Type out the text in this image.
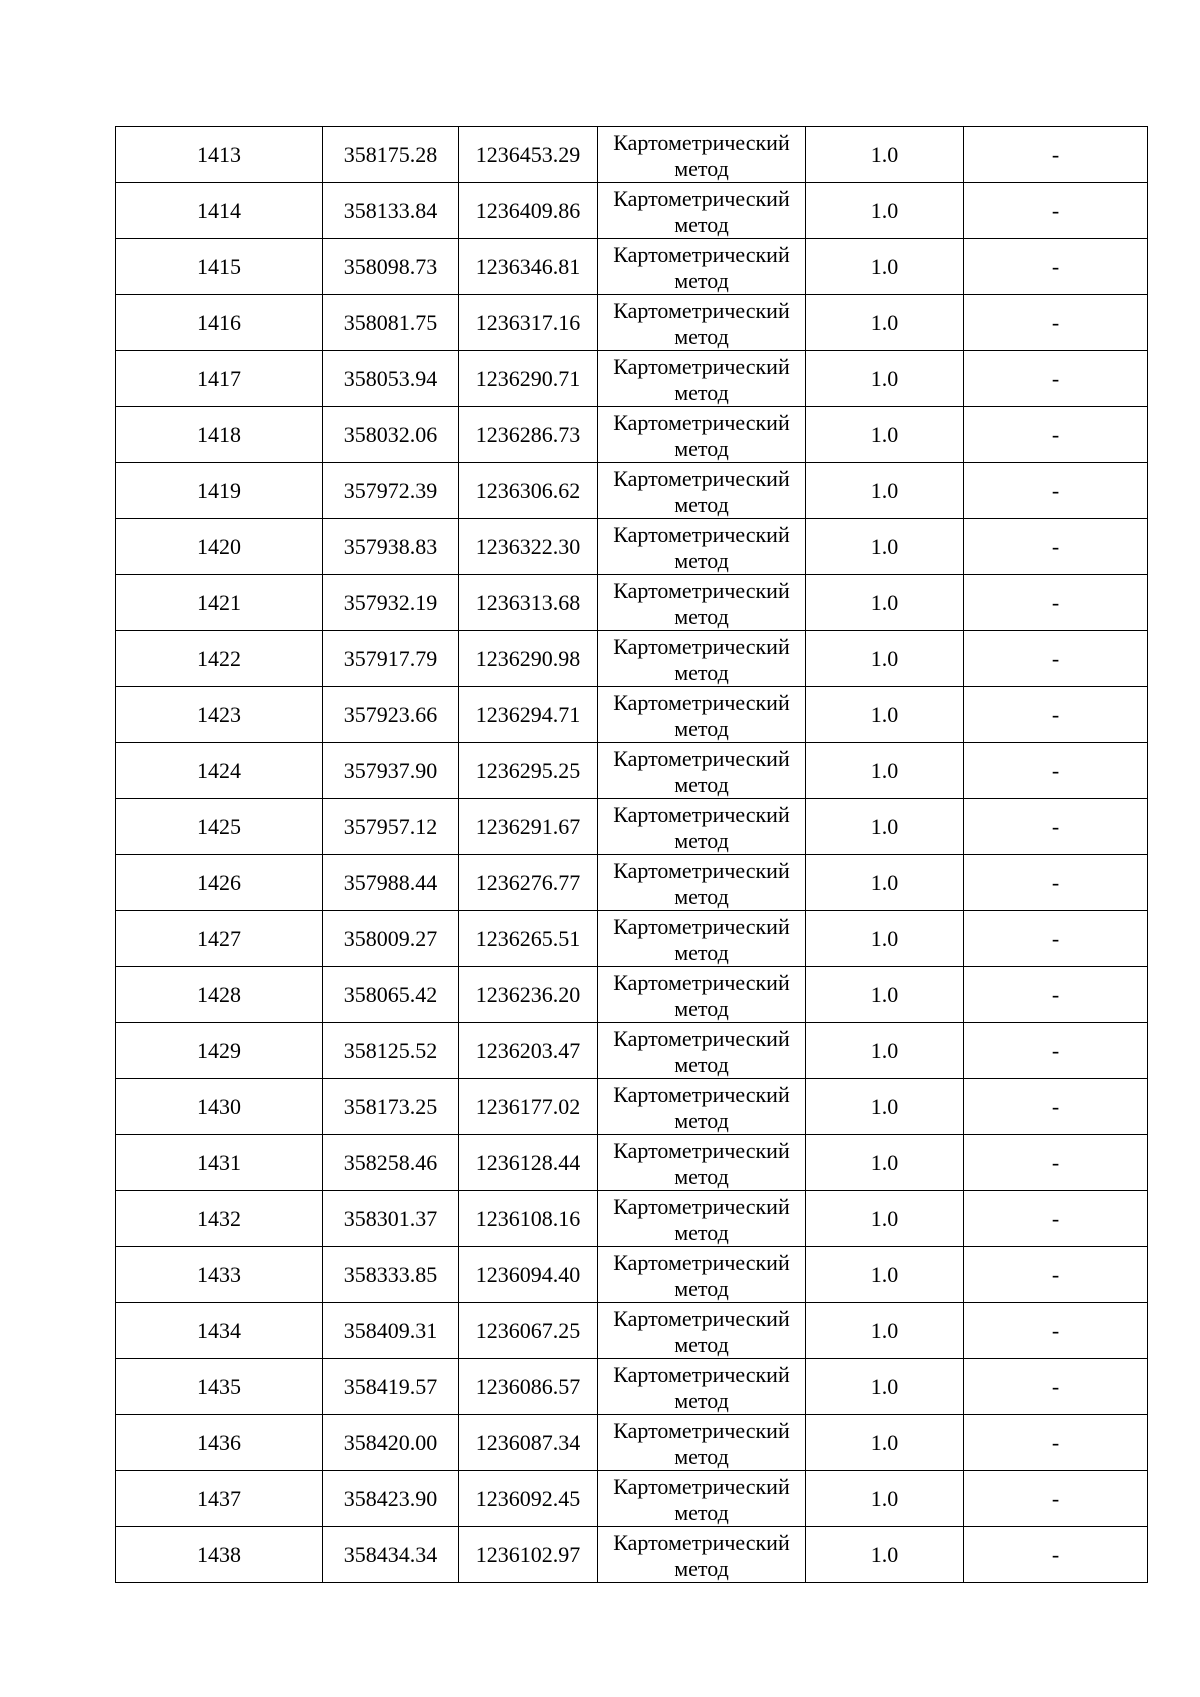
1413	358175.28	1236453.29	Картометрический
метод	1.0	-
1414	358133.84	1236409.86	Картометрический
метод	1.0	-
1415	358098.73	1236346.81	Картометрический
метод	1.0	-
1416	358081.75	1236317.16	Картометрический
метод	1.0	-
1417	358053.94	1236290.71	Картометрический
метод	1.0	-
1418	358032.06	1236286.73	Картометрический
метод	1.0	-
1419	357972.39	1236306.62	Картометрический
метод	1.0	-
1420	357938.83	1236322.30	Картометрический
метод	1.0	-
1421	357932.19	1236313.68	Картометрический
метод	1.0	-
1422	357917.79	1236290.98	Картометрический
метод	1.0	-
1423	357923.66	1236294.71	Картометрический
метод	1.0	-
1424	357937.90	1236295.25	Картометрический
метод	1.0	-
1425	357957.12	1236291.67	Картометрический
метод	1.0	-
1426	357988.44	1236276.77	Картометрический
метод	1.0	-
1427	358009.27	1236265.51	Картометрический
метод	1.0	-
1428	358065.42	1236236.20	Картометрический
метод	1.0	-
1429	358125.52	1236203.47	Картометрический
метод	1.0	-
1430	358173.25	1236177.02	Картометрический
метод	1.0	-
1431	358258.46	1236128.44	Картометрический
метод	1.0	-
1432	358301.37	1236108.16	Картометрический
метод	1.0	-
1433	358333.85	1236094.40	Картометрический
метод	1.0	-
1434	358409.31	1236067.25	Картометрический
метод	1.0	-
1435	358419.57	1236086.57	Картометрический
метод	1.0	-
1436	358420.00	1236087.34	Картометрический
метод	1.0	-
1437	358423.90	1236092.45	Картометрический
метод	1.0	-
1438	358434.34	1236102.97	Картометрический
метод	1.0	-
